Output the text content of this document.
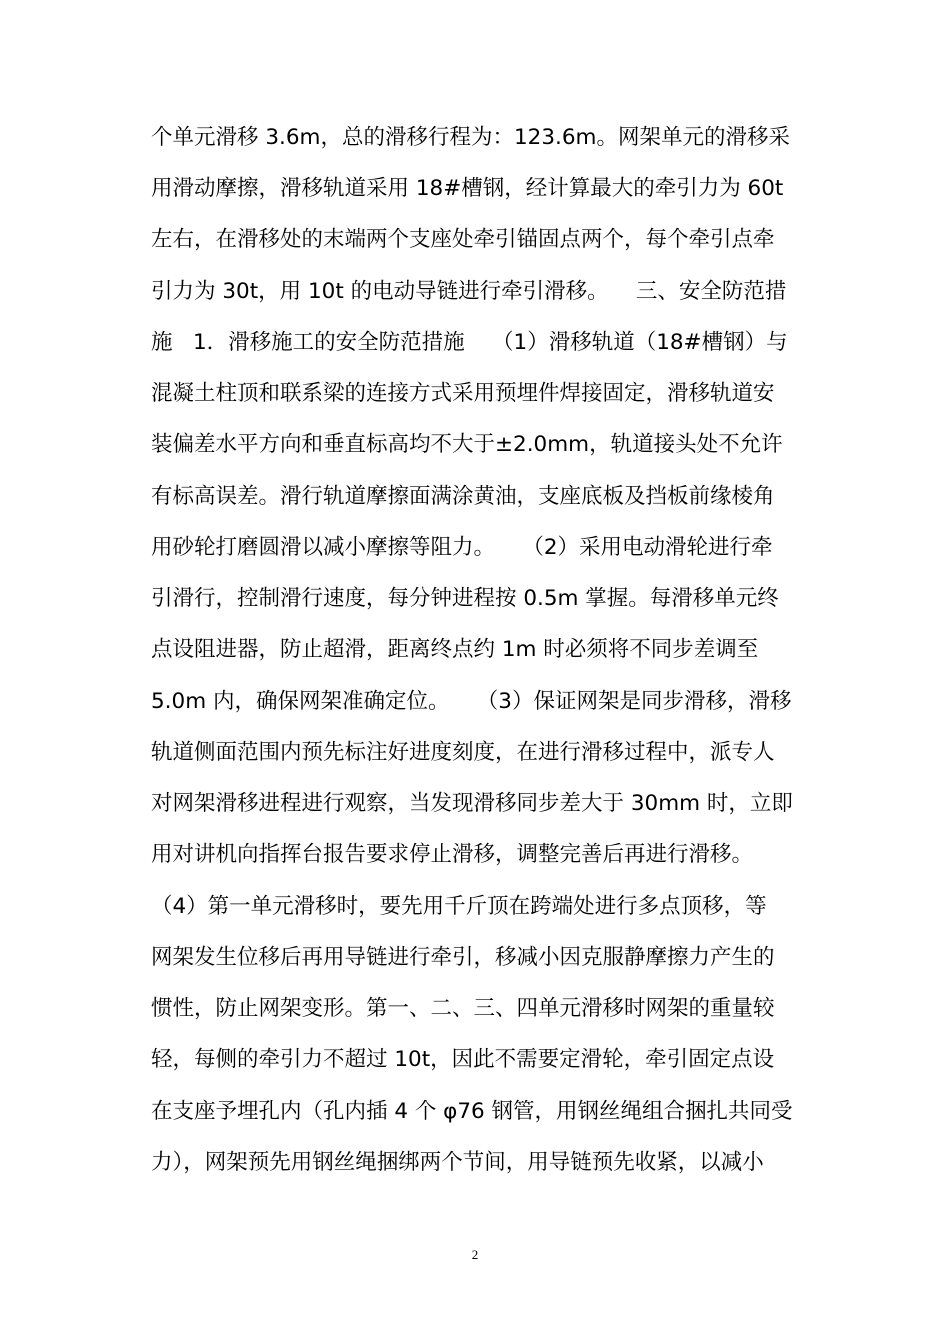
个单元滑移 3.6m，总的滑移行程为：123.6m。网架单元的滑移采
用滑动摩擦，滑移轨道采用 18#槽钢，经计算最大的牵引力为 60t
左右，在滑移处的末端两个支座处牵引锚固点两个，每个牵引点牵
引力为 30t，用 10t 的电动导链进行牵引滑移。    三、安全防范措
施   1．滑移施工的安全防范措施    （1）滑移轨道（18#槽钢）与
混凝土柱顶和联系梁的连接方式采用预埋件焊接固定，滑移轨道安
装偏差水平方向和垂直标高均不大于±2.0mm，轨道接头处不允许
有标高误差。滑行轨道摩擦面满涂黄油，支座底板及挡板前缘棱角
用砂轮打磨圆滑以减小摩擦等阻力。    （2）采用电动滑轮进行牵
引滑行，控制滑行速度，每分钟进程按 0.5m 掌握。每滑移单元终
点设阻进器，防止超滑，距离终点约 1m 时必须将不同步差调至
5.0m 内，确保网架准确定位。    （3）保证网架是同步滑移，滑移
轨道侧面范围内预先标注好进度刻度，在进行滑移过程中，派专人
对网架滑移进程进行观察，当发现滑移同步差大于 30mm 时，立即
用对讲机向指挥台报告要求停止滑移，调整完善后再进行滑移。
（4）第一单元滑移时，要先用千斤顶在跨端处进行多点顶移，等
网架发生位移后再用导链进行牵引，移减小因克服静摩擦力产生的
惯性，防止网架变形。第一、二、三、四单元滑移时网架的重量较
轻，每侧的牵引力不超过 10t，因此不需要定滑轮，牵引固定点设
在支座予埋孔内（孔内插 4 个 φ76 钢管，用钢丝绳组合捆扎共同受
力），网架预先用钢丝绳捆绑两个节间，用导链预先收紧，以减小
2
